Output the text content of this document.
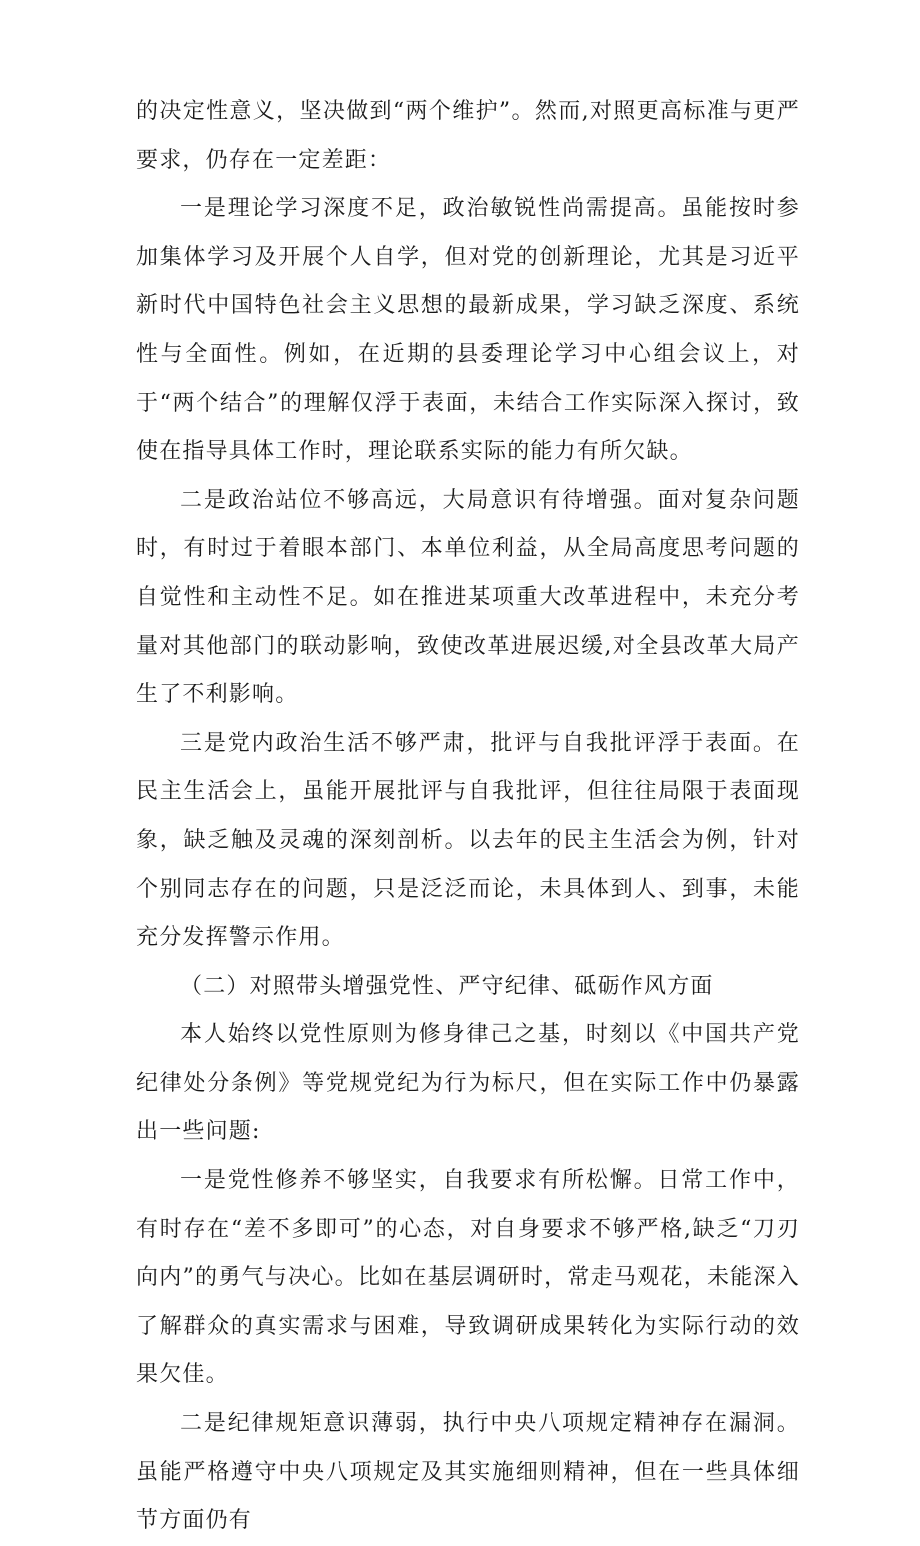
的决定性意义，坚决做到“两个维护”。然而,对照更高标准与更严要求，仍存在一定差距：

一是理论学习深度不足，政治敏锐性尚需提高。虽能按时参加集体学习及开展个人自学，但对党的创新理论，尤其是习近平新时代中国特色社会主义思想的最新成果，学习缺乏深度、系统性与全面性。例如，在近期的县委理论学习中心组会议上，对于“两个结合”的理解仅浮于表面，未结合工作实际深入探讨，致使在指导具体工作时，理论联系实际的能力有所欠缺。

二是政治站位不够高远，大局意识有待增强。面对复杂问题时，有时过于着眼本部门、本单位利益，从全局高度思考问题的自觉性和主动性不足。如在推进某项重大改革进程中，未充分考量对其他部门的联动影响，致使改革进展迟缓,对全县改革大局产生了不利影响。

三是党内政治生活不够严肃，批评与自我批评浮于表面。在民主生活会上，虽能开展批评与自我批评，但往往局限于表面现象，缺乏触及灵魂的深刻剖析。以去年的民主生活会为例，针对个别同志存在的问题，只是泛泛而论，未具体到人、到事，未能充分发挥警示作用。

（二）对照带头增强党性、严守纪律、砥砺作风方面

本人始终以党性原则为修身律己之基，时刻以《中国共产党纪律处分条例》等党规党纪为行为标尺，但在实际工作中仍暴露出一些问题:

一是党性修养不够坚实，自我要求有所松懈。日常工作中，有时存在“差不多即可”的心态，对自身要求不够严格,缺乏“刀刃向内”的勇气与决心。比如在基层调研时，常走马观花，未能深入了解群众的真实需求与困难，导致调研成果转化为实际行动的效果欠佳。

二是纪律规矩意识薄弱，执行中央八项规定精神存在漏洞。虽能严格遵守中央八项规定及其实施细则精神，但在一些具体细节方面仍有
